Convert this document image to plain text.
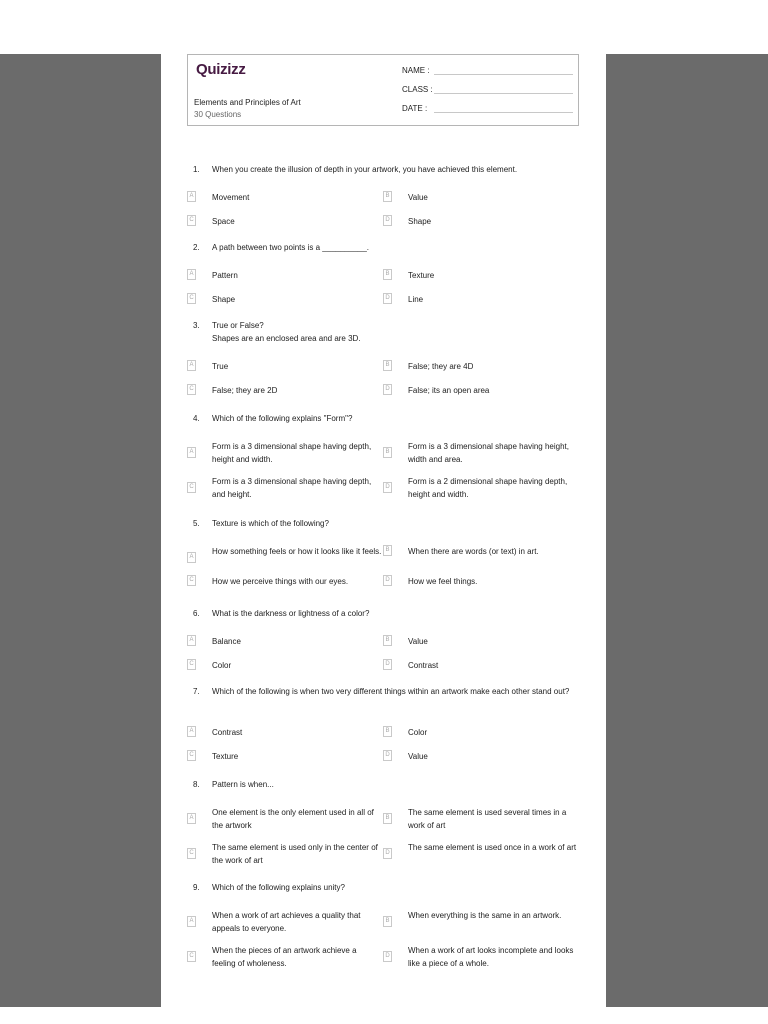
Quizizz
Elements and Principles of Art
30 Questions
NAME :
CLASS :
DATE :
1.	When you create the illusion of depth in your artwork, you have achieved this element.
A	Movement	B	Value
C Space	D Shape
2.	A path between two points is a __________.
A	Pattern	B	Texture
C Shape	D Line
3.	True or False?
Shapes are an enclosed area and are 3D.
A	True	B	False; they are 4D
C False; they are 2D	D False; its an open area
4.	Which of the following explains "Form"?
A
Form is a 3 dimensional shape having depth, height and width.
B
Form is a 3 dimensional shape having height, width and area.
C
Form is a 3 dimensional shape having depth, and height.
D
Form is a 2 dimensional shape having depth, height and width.
5.	Texture is which of the following?
A
How something feels or how it looks like it feels. B	When there are words (or text) in art.
C How we perceive things with our eyes.	D How we feel things.
6.	What is the darkness or lightness of a color?
A	Balance	B	Value
C Color	D Contrast
7.	Which of the following is when two very different things within an artwork make each other stand out?
A	Contrast	B	Color
C Texture	D Value
8.	Pattern is when...
A
One element is the only element used in all of the artwork
B
The same element is used several times in a work of art
C
The same element is used only in the center of the work of art
D
The same element is used once in a work of art
9.	Which of the following explains unity?
A
When a work of art achieves a quality that appeals to everyone.
B
When everything is the same in an artwork.
C
When the pieces of an artwork achieve a feeling of wholeness.
D
When a work of art looks incomplete and looks like a piece of a whole.
